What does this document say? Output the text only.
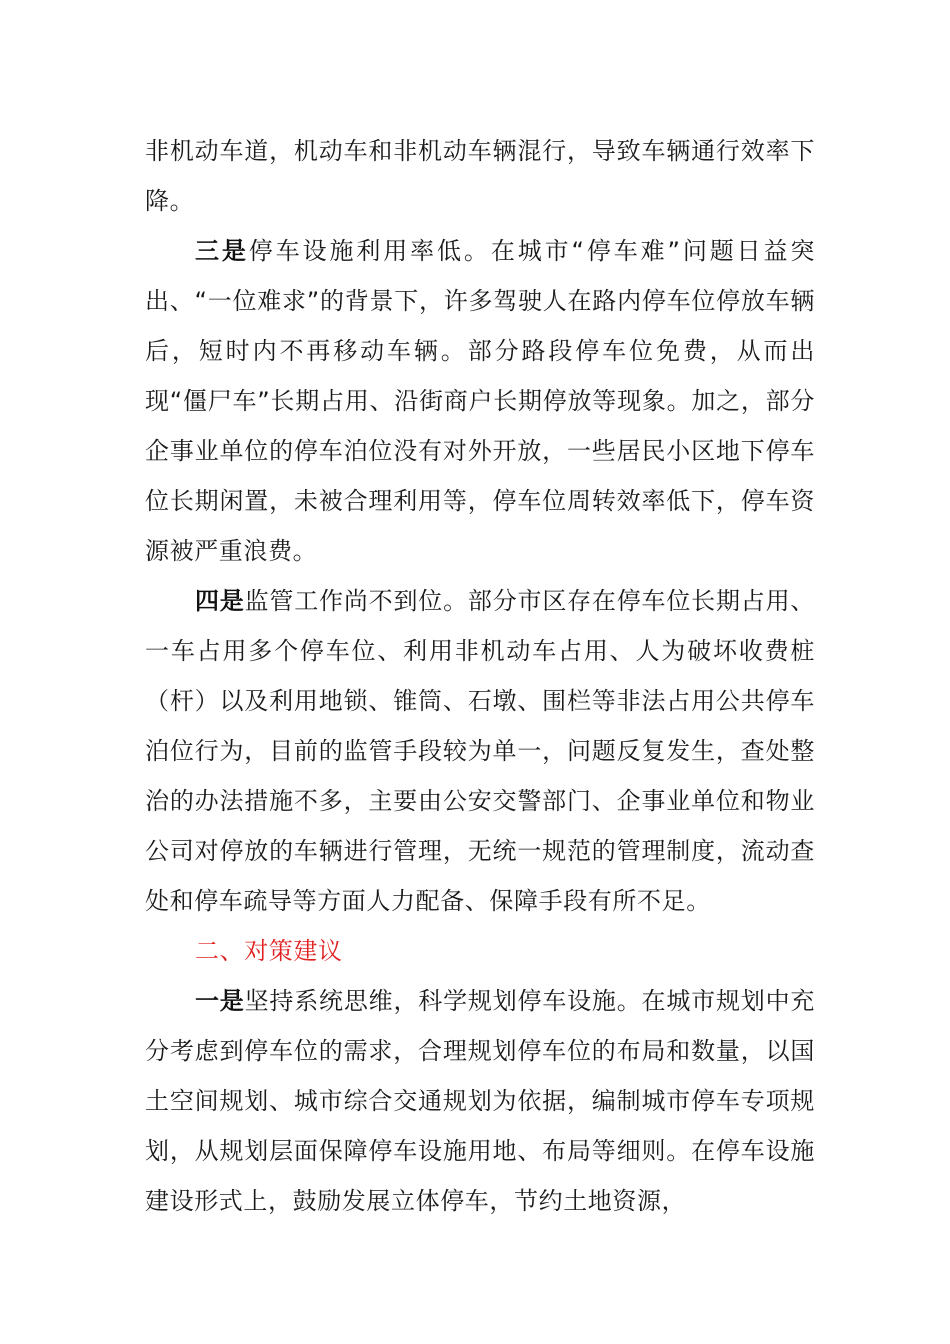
非机动车道，机动车和非机动车辆混行，导致车辆通行效率下降。

三是停车设施利用率低。在城市“停车难”问题日益突出、“一位难求”的背景下，许多驾驶人在路内停车位停放车辆后，短时内不再移动车辆。部分路段停车位免费，从而出现“僵尸车”长期占用、沿街商户长期停放等现象。加之，部分企事业单位的停车泊位没有对外开放，一些居民小区地下停车位长期闲置，未被合理利用等，停车位周转效率低下，停车资源被严重浪费。

四是监管工作尚不到位。部分市区存在停车位长期占用、一车占用多个停车位、利用非机动车占用、人为破坏收费桩（杆）以及利用地锁、锥筒、石墩、围栏等非法占用公共停车泊位行为，目前的监管手段较为单一，问题反复发生，查处整治的办法措施不多，主要由公安交警部门、企事业单位和物业公司对停放的车辆进行管理，无统一规范的管理制度，流动查处和停车疏导等方面人力配备、保障手段有所不足。

二、对策建议

一是坚持系统思维，科学规划停车设施。在城市规划中充分考虑到停车位的需求，合理规划停车位的布局和数量，以国土空间规划、城市综合交通规划为依据，编制城市停车专项规划，从规划层面保障停车设施用地、布局等细则。在停车设施建设形式上，鼓励发展立体停车，节约土地资源，
